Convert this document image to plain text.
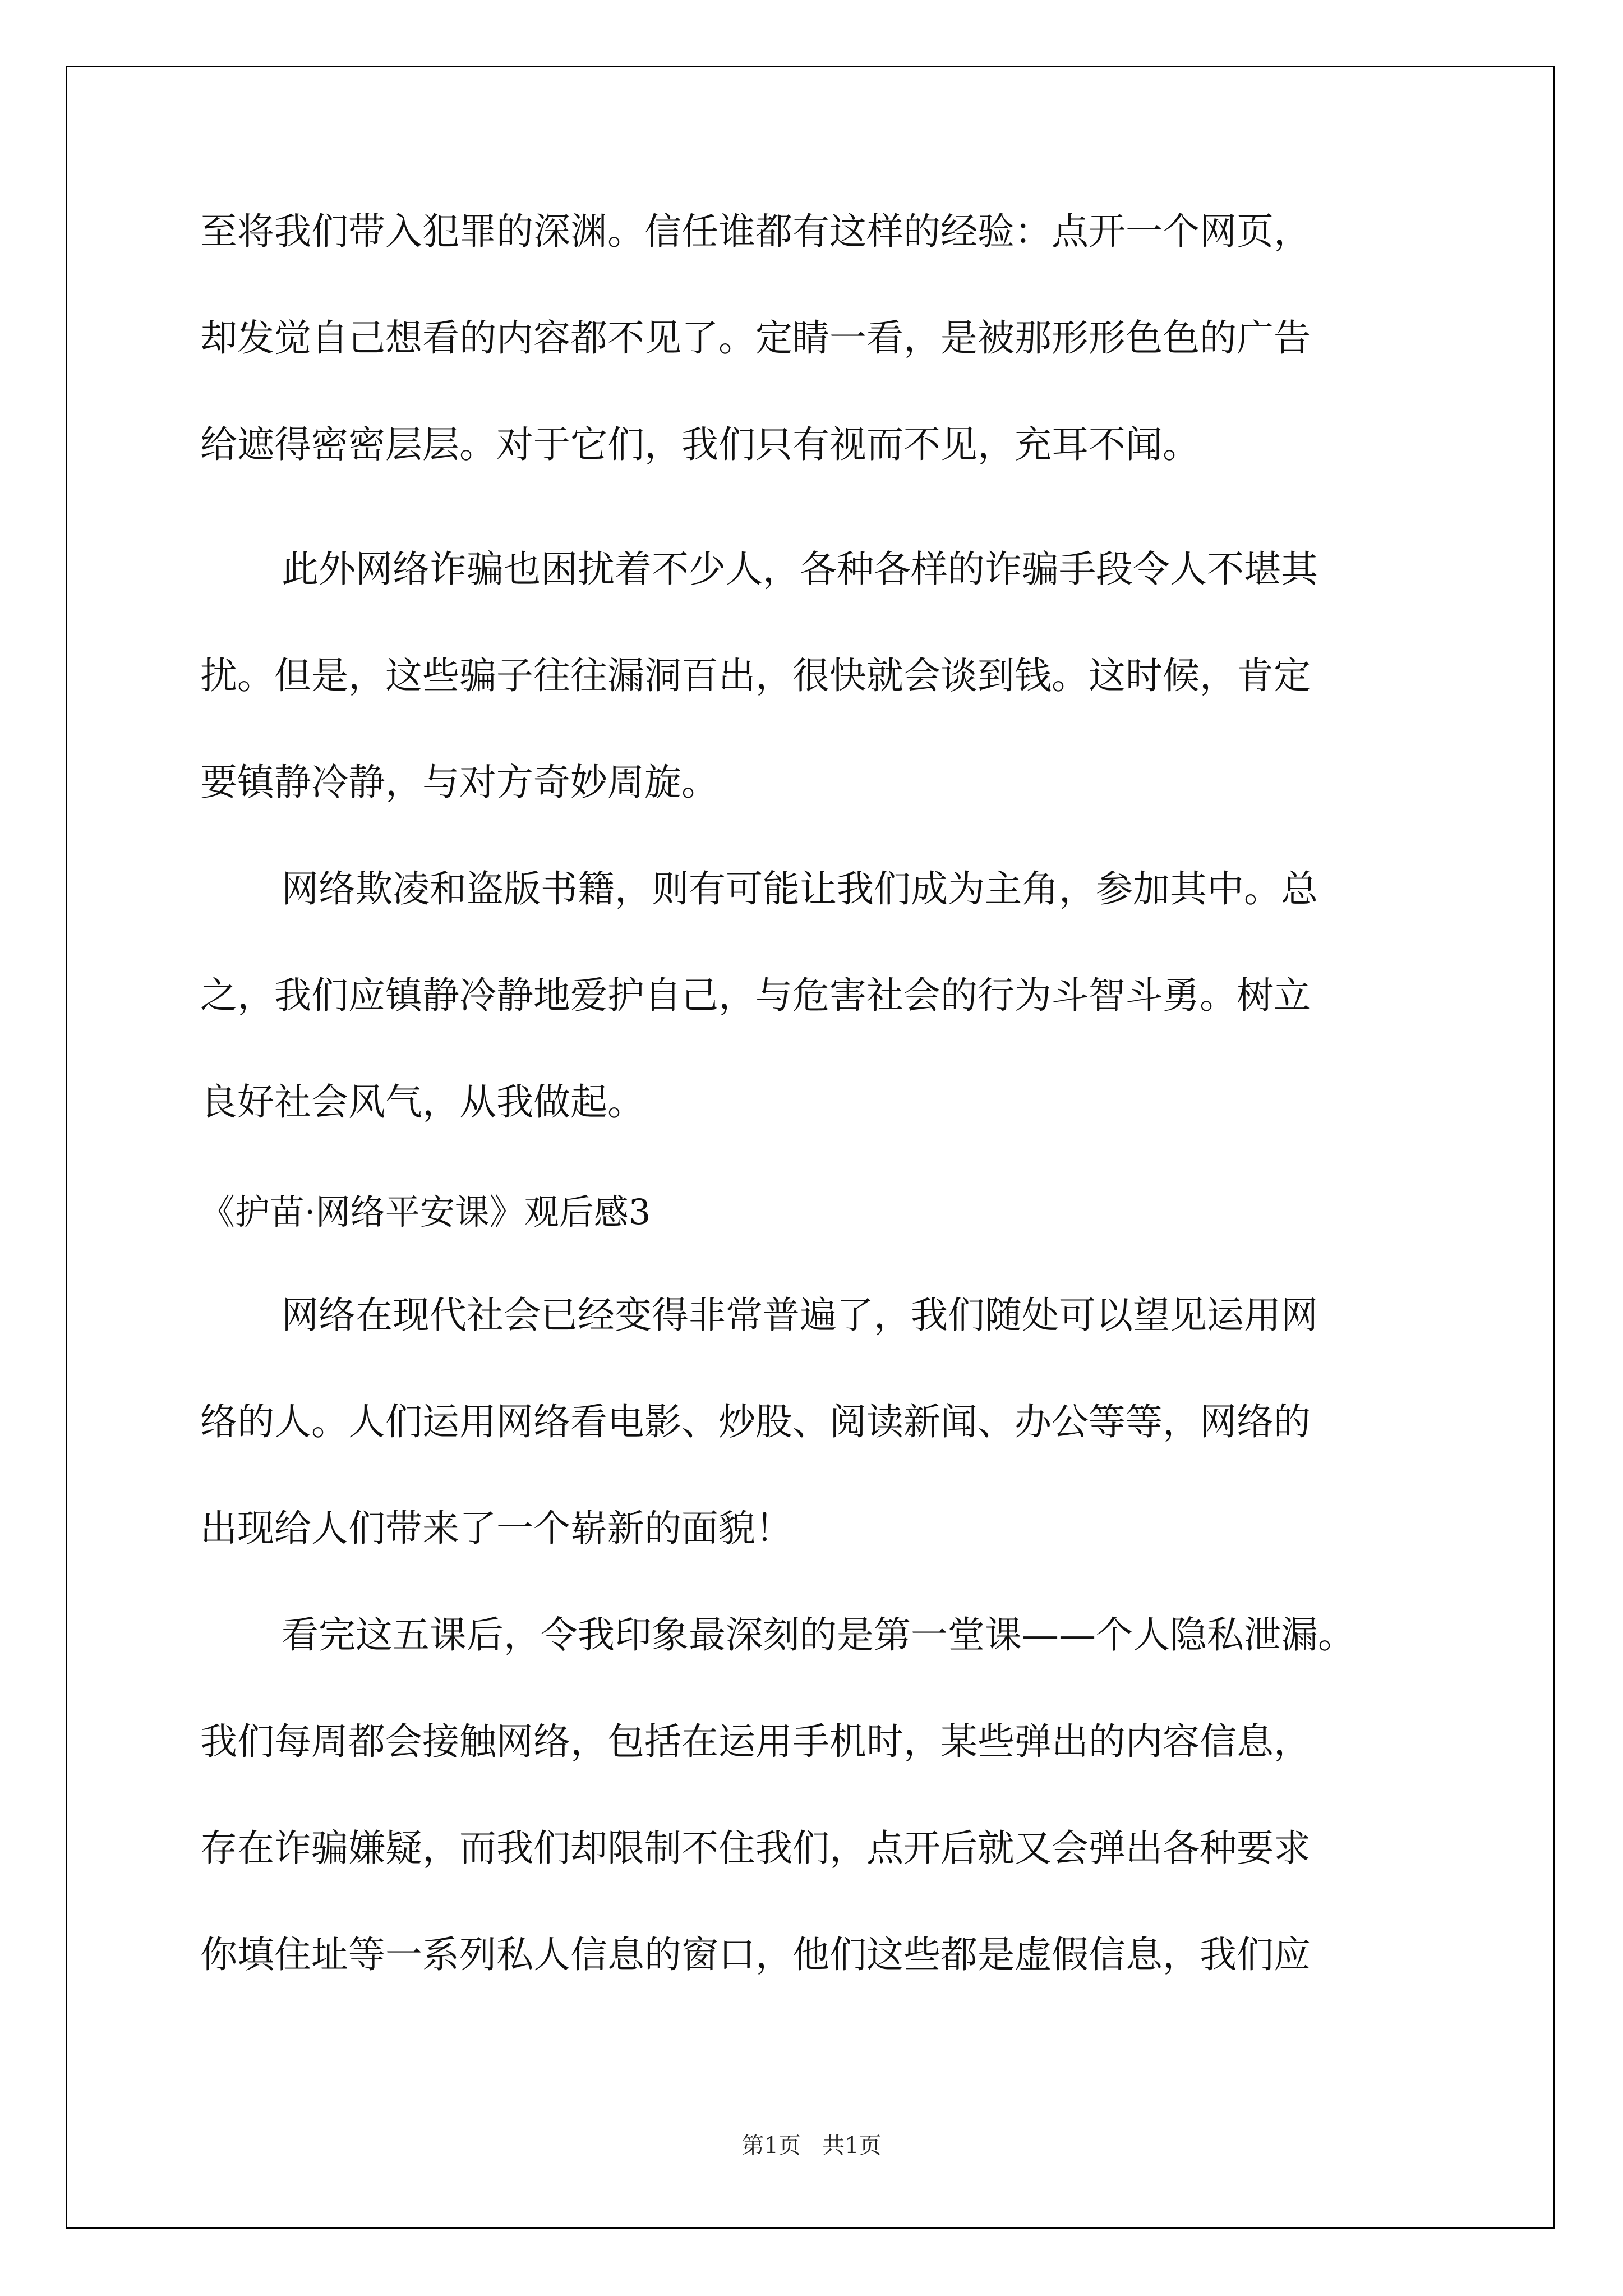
至将我们带入犯罪的深渊。信任谁都有这样的经验：点开一个网页，

却发觉自己想看的内容都不见了。定睛一看，是被那形形色色的广告

给遮得密密层层。对于它们，我们只有视而不见，充耳不闻。

此外网络诈骗也困扰着不少人，各种各样的诈骗手段令人不堪其

扰。但是，这些骗子往往漏洞百出，很快就会谈到钱。这时候，肯定

要镇静冷静，与对方奇妙周旋。

网络欺凌和盗版书籍，则有可能让我们成为主角，参加其中。总

之，我们应镇静冷静地爱护自己，与危害社会的行为斗智斗勇。树立

良好社会风气，从我做起。

《护苗·网络平安课》观后感3

网络在现代社会已经变得非常普遍了，我们随处可以望见运用网

络的人。人们运用网络看电影、炒股、阅读新闻、办公等等，网络的

出现给人们带来了一个崭新的面貌！

看完这五课后，令我印象最深刻的是第一堂课——个人隐私泄漏。

我们每周都会接触网络，包括在运用手机时，某些弹出的内容信息，

存在诈骗嫌疑，而我们却限制不住我们，点开后就又会弹出各种要求

你填住址等一系列私人信息的窗口，他们这些都是虚假信息，我们应

第1页 共1页
